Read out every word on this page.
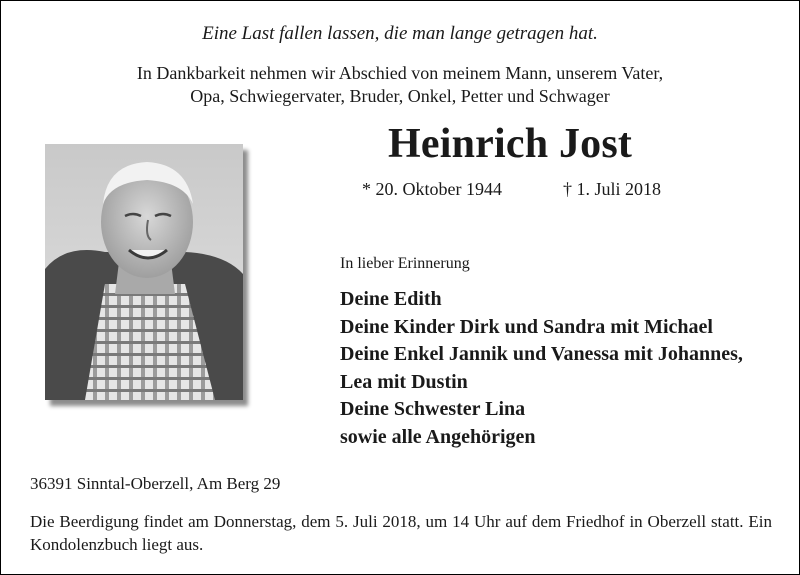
Eine Last fallen lassen, die man lange getragen hat.
In Dankbarkeit nehmen wir Abschied von meinem Mann, unserem Vater,
Opa, Schwiegervater, Bruder, Onkel, Petter und Schwager
Heinrich Jost
* 20. Oktober 1944	† 1. Juli 2018
In lieber Erinnerung
Deine Edith
Deine Kinder Dirk und Sandra mit Michael
Deine Enkel Jannik und Vanessa mit Johannes,
Lea mit Dustin
Deine Schwester Lina
sowie alle Angehörigen
36391 Sinntal-Oberzell, Am Berg 29
Die Beerdigung findet am Donnerstag, dem 5. Juli 2018, um 14 Uhr auf dem Friedhof in Oberzell statt. Ein Kondolenzbuch liegt aus.
